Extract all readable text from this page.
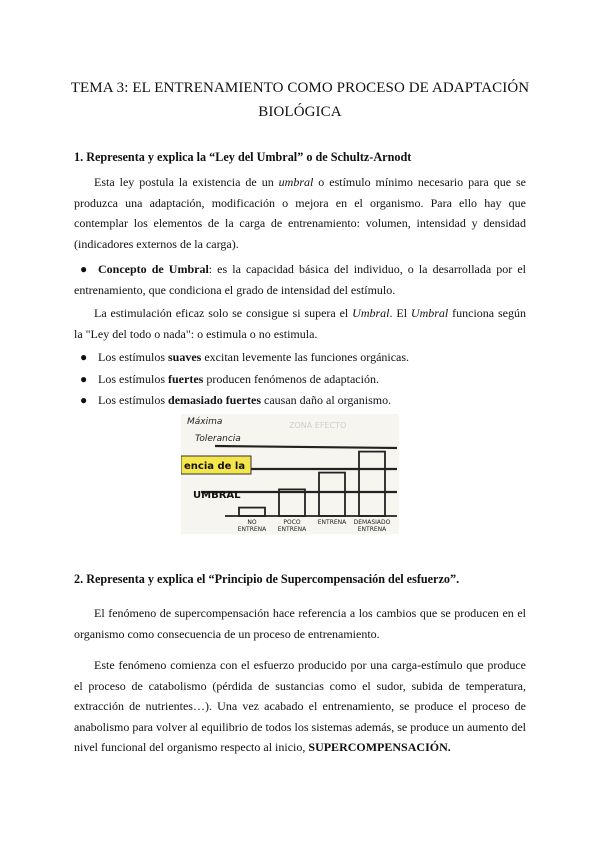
TEMA 3: EL ENTRENAMIENTO COMO PROCESO DE ADAPTACIÓN BIOLÓGICA
1. Representa y explica la “Ley del Umbral” o de Schultz-Arnodt

Esta ley postula la existencia de un umbral o estímulo mínimo necesario para que se produzca una adaptación, modificación o mejora en el organismo. Para ello hay que contemplar los elementos de la carga de entrenamiento: volumen, intensidad y densidad (indicadores externos de la carga).

● Concepto de Umbral: es la capacidad básica del individuo, o la desarrollada por el entrenamiento, que condiciona el grado de intensidad del estímulo.

La estimulación eficaz solo se consigue si supera el Umbral. El Umbral funciona según la "Ley del todo o nada": o estimula o no estimula.

● Los estímulos suaves excitan levemente las funciones orgánicas.

● Los estímulos fuertes producen fenómenos de adaptación.

● Los estímulos demasiado fuertes causan daño al organismo.

ZONA EFECTO
Máxima
Tolerancia
encia de la
UMBRAL
NO
ENTRENA
POCO
ENTRENA
ENTRENA DEMASIADO
ENTRENA
2. Representa y explica el “Principio de Supercompensación del esfuerzo”.

El fenómeno de supercompensación hace referencia a los cambios que se producen en el organismo como consecuencia de un proceso de entrenamiento.

Este fenómeno comienza con el esfuerzo producido por una carga-estímulo que produce el proceso de catabolismo (pérdida de sustancias como el sudor, subida de temperatura, extracción de nutrientes…). Una vez acabado el entrenamiento, se produce el proceso de anabolismo para volver al equilibrio de todos los sistemas además, se produce un aumento del nivel funcional del organismo respecto al inicio, SUPERCOMPENSACIÓN.
